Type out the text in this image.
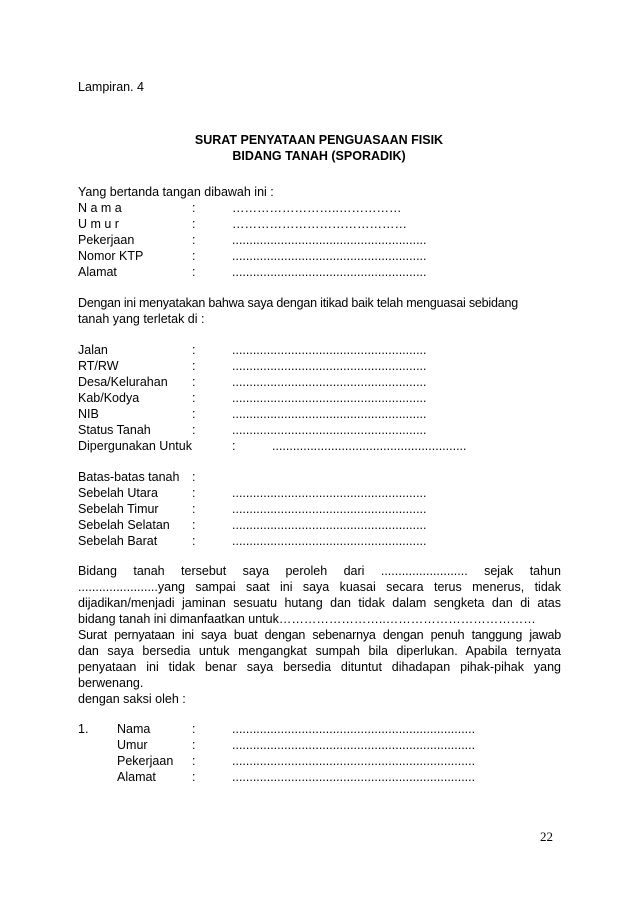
Lampiran. 4
SURAT PENYATAAN PENGUASAAN FISIK
BIDANG TANAH (SPORADIK)
Yang bertanda tangan dibawah ini :
N a m a	:	……………………..……………
U m u r	:	……………………………………
Pekerjaan	:	........................................................
Nomor KTP	:	........................................................
Alamat	:	........................................................
Dengan ini menyatakan bahwa saya dengan itikad baik telah menguasai sebidang
tanah yang terletak di :
Jalan	:	........................................................
RT/RW	:	........................................................
Desa/Kelurahan :	........................................................
Kab/Kodya	:	........................................................
NIB	:	........................................................
Status Tanah	:	........................................................
Dipergunakan Untuk	:	........................................................
Batas-batas tanah :
Sebelah Utara	:	........................................................
Sebelah Timur	:	........................................................
Sebelah Selatan :	........................................................
Sebelah Barat	:	........................................................
Bidang tanah tersebut saya peroleh dari ......................... sejak tahun
.......................yang sampai saat ini saya kuasai secara terus menerus, tidak
dijadikan/menjadi jaminan sesuatu hutang dan tidak dalam sengketa dan di atas
bidang tanah ini dimanfaatkan untuk……………………..………………………………
Surat pernyataan ini saya buat dengan sebenarnya dengan penuh tanggung jawab
dan saya bersedia untuk mengangkat sumpah bila diperlukan. Apabila ternyata
penyataan ini tidak benar saya bersedia dituntut dihadapan pihak-pihak yang
berwenang.
dengan saksi oleh :
1. Nama	:	......................................................................
Umur	:	......................................................................
Pekerjaan :	......................................................................
Alamat	:	......................................................................
22
